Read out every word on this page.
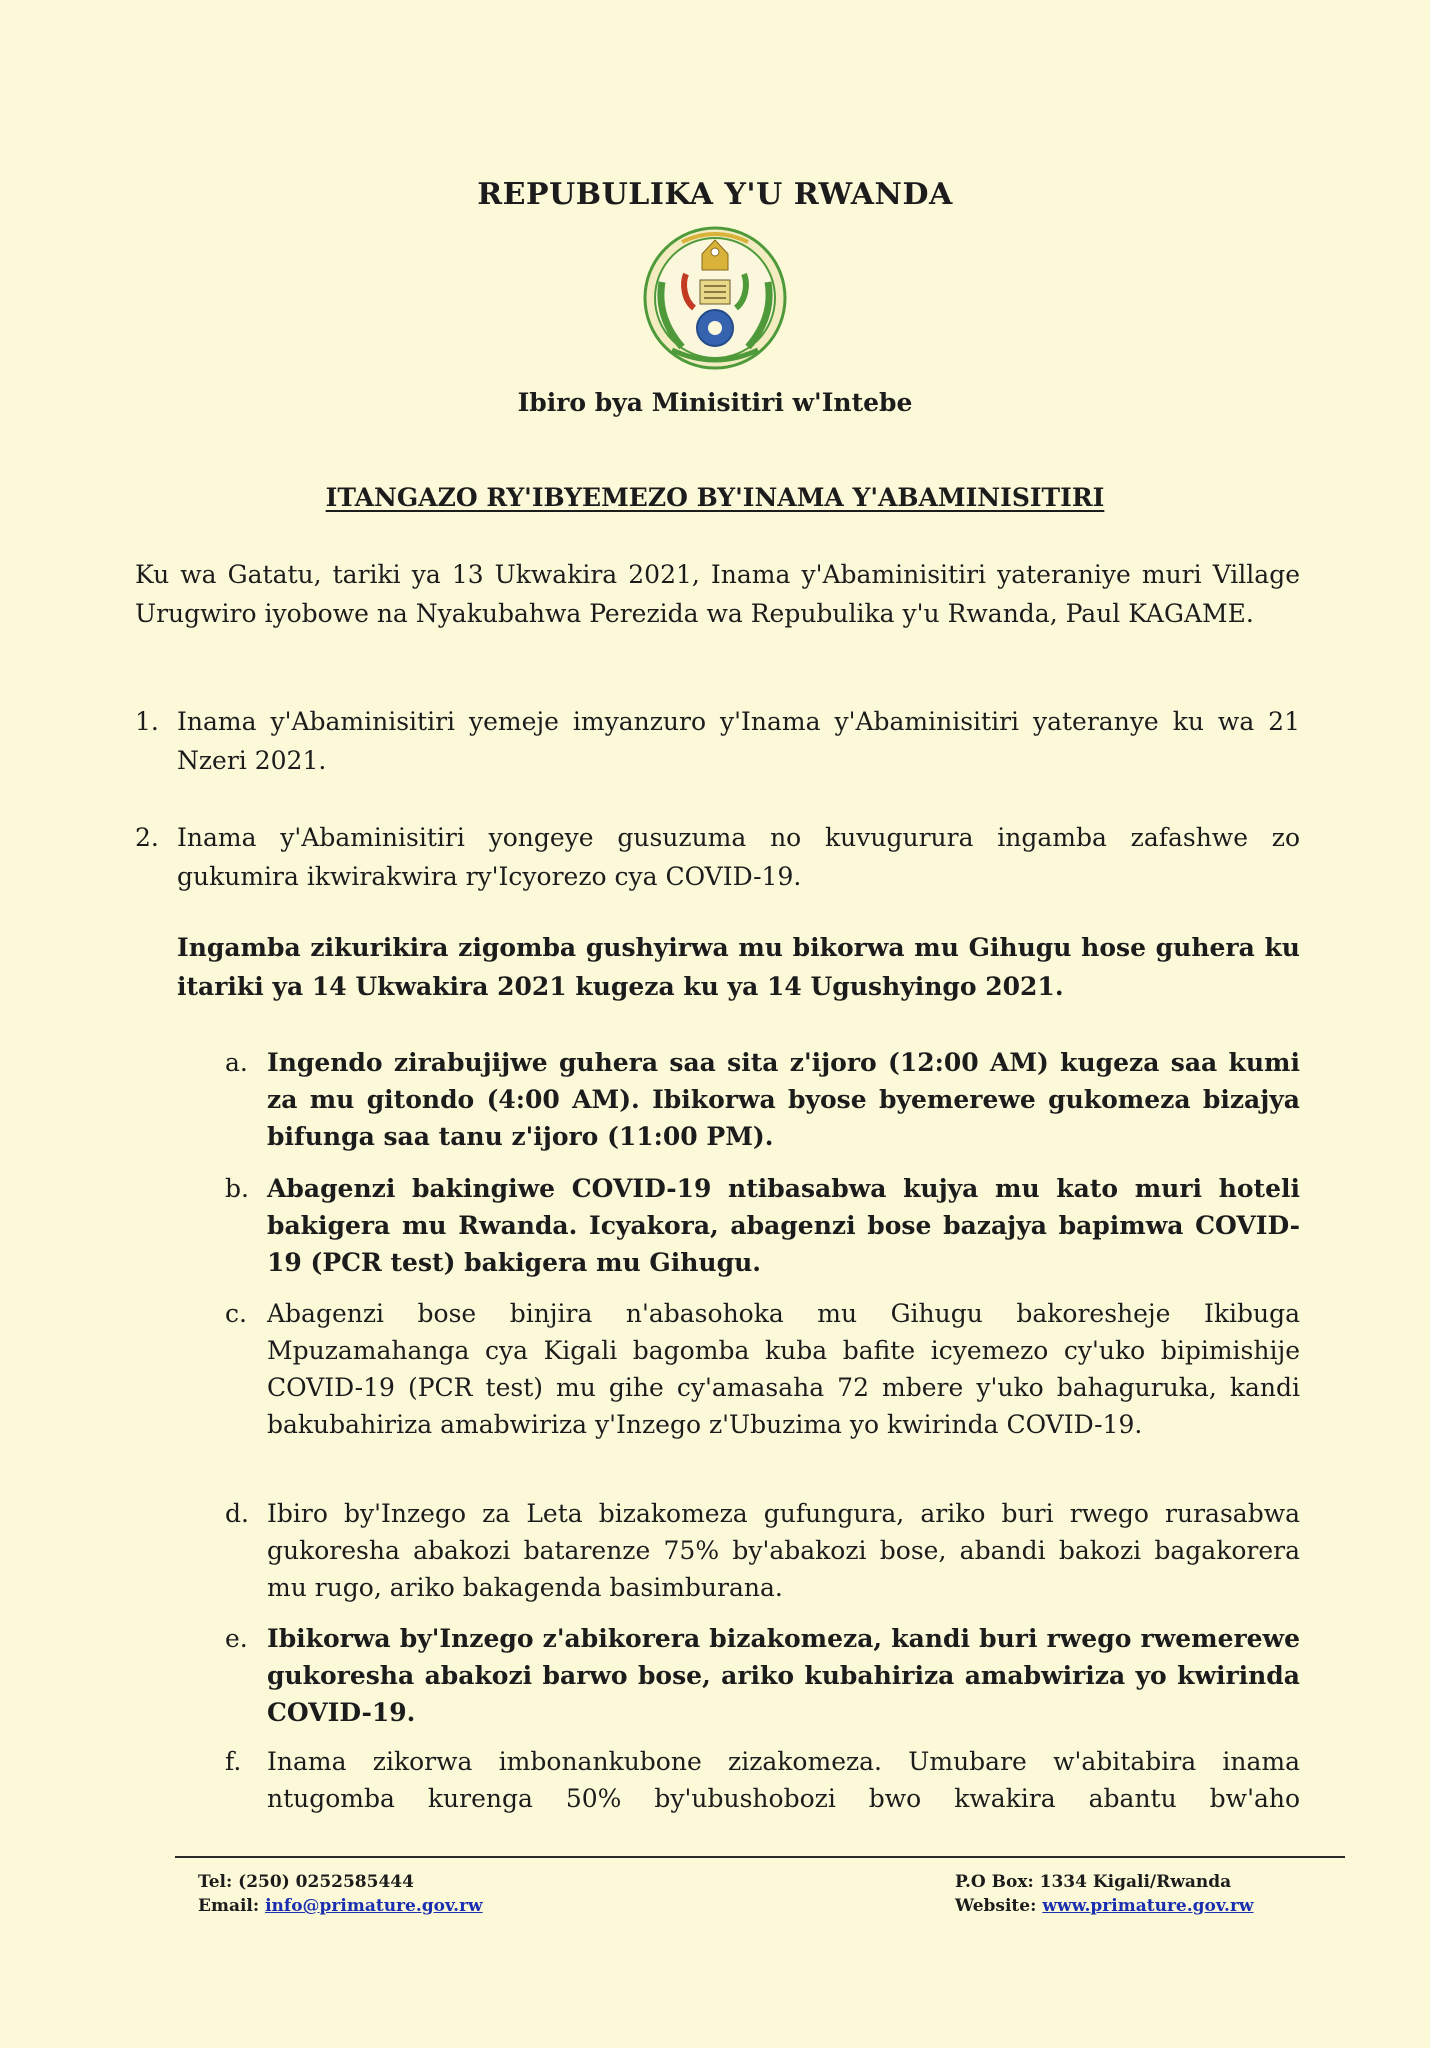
REPUBULIKA Y'U RWANDA
Ibiro bya Minisitiri w'Intebe
ITANGAZO RY'IBYEMEZO BY'INAMA Y'ABAMINISITIRI

Ku wa Gatatu, tariki ya 13 Ukwakira 2021, Inama y'Abaminisitiri yateraniye muri Village Urugwiro iyobowe na Nyakubahwa Perezida wa Repubulika y'u Rwanda, Paul KAGAME.

1. Inama y'Abaminisitiri yemeje imyanzuro y'Inama y'Abaminisitiri yateranye ku wa 21 Nzeri 2021.
2. Inama y'Abaminisitiri yongeye gusuzuma no kuvugurura ingamba zafashwe zo gukumira ikwirakwira ry'Icyorezo cya COVID-19.

Ingamba zikurikira zigomba gushyirwa mu bikorwa mu Gihugu hose guhera ku itariki ya 14 Ukwakira 2021 kugeza ku ya 14 Ugushyingo 2021.

a. Ingendo zirabujijwe guhera saa sita z'ijoro (12:00 AM) kugeza saa kumi za mu gitondo (4:00 AM). Ibikorwa byose byemerewe gukomeza bizajya bifunga saa tanu z'ijoro (11:00 PM).
b. Abagenzi bakingiwe COVID-19 ntibasabwa kujya mu kato muri hoteli bakigera mu Rwanda. Icyakora, abagenzi bose bazajya bapimwa COVID-19 (PCR test) bakigera mu Gihugu.
c. Abagenzi bose binjira n'abasohoka mu Gihugu bakoresheje Ikibuga Mpuzamahanga cya Kigali bagomba kuba bafite icyemezo cy'uko bipimishije COVID-19 (PCR test) mu gihe cy'amasaha 72 mbere y'uko bahaguruka, kandi bakubahiriza amabwiriza y'Inzego z'Ubuzima yo kwirinda COVID-19.
d. Ibiro by'Inzego za Leta bizakomeza gufungura, ariko buri rwego rurasabwa gukoresha abakozi batarenze 75% by'abakozi bose, abandi bakozi bagakorera mu rugo, ariko bakagenda basimburana.
e. Ibikorwa by'Inzego z'abikorera bizakomeza, kandi buri rwego rwemerewe gukoresha abakozi barwo bose, ariko kubahiriza amabwiriza yo kwirinda COVID-19.
f.	Inama zikorwa imbonankubone zizakomeza. Umubare w'abitabira inama ntugomba kurenga 50% by'ubushobozi bwo kwakira abantu bw'aho
Tel: (250) 0252585444
Email: info@primature.gov.rw
P.O Box: 1334 Kigali/Rwanda
Website: www.primature.gov.rw
